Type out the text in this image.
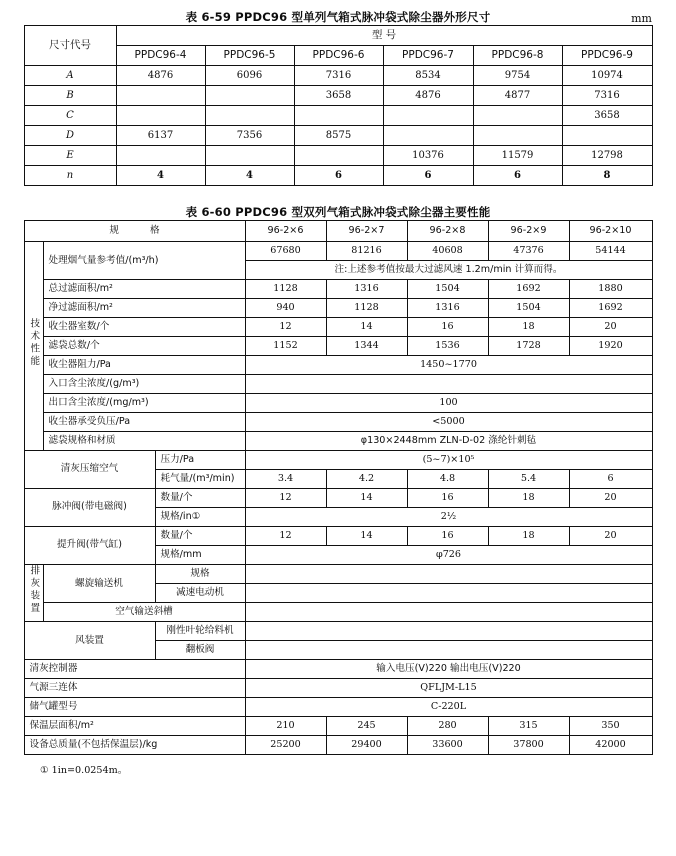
表 6-59 PPDC96 型单列气箱式脉冲袋式除尘器外形尺寸	mm
尺寸代号	型 号					
	PPDC96-4	PPDC96-5	PPDC96-6	PPDC96-7	PPDC96-8	PPDC96-9
A	4876	6096	7316	8534	9754	10974
B			3658	4876	4877	7316
C						3658
D	6137	7356	8575			
E				10376	11579	12798
n	4	4	6	6	6	8
表 6-60 PPDC96 型双列气箱式脉冲袋式除尘器主要性能
规 格			96-2×6	96-2×7	96-2×8	96-2×9	96-2×10
技术性能	处理烟气量参考值/(m³/h)		67680	81216	40608	47376	54144
			注:上述参考值按最大过滤风速 1.2m/min 计算而得。				
	总过滤面积/m²		1128	1316	1504	1692	1880
	净过滤面积/m²		940	1128	1316	1504	1692
	收尘器室数/个		12	14	16	18	20
	滤袋总数/个		1152	1344	1536	1728	1920
	收尘器阻力/Pa		1450~1770				
	入口含尘浓度/(g/m³)						
	出口含尘浓度/(mg/m³)		100				
	收尘器承受负压/Pa		<5000				
	滤袋规格和材质		φ130×2448mm ZLN-D-02 涤纶针刺毡				
清灰压缩空气		压力/Pa	(5~7)×10⁵				
		耗气量/(m³/min)	3.4	4.2	4.8	5.4	6
脉冲阀(带电磁阀)		数量/个	12	14	16	18	20
		规格/in①	2½				
提升阀(带气缸)		数量/个	12	14	16	18	20
		规格/mm	φ726				
排灰装置	螺旋输送机	规格					
		减速电动机					
	空气输送斜槽						
风装置		刚性叶轮给料机					
		翻板阀					
清灰控制器			输入电压(V)220 输出电压(V)220				
气源三连体			QFLJM-L15				
储气罐型号			C-220L				
保温层面积/m²			210	245	280	315	350
设备总质量(不包括保温层)/kg			25200	29400	33600	37800	42000
① 1in=0.0254m。
